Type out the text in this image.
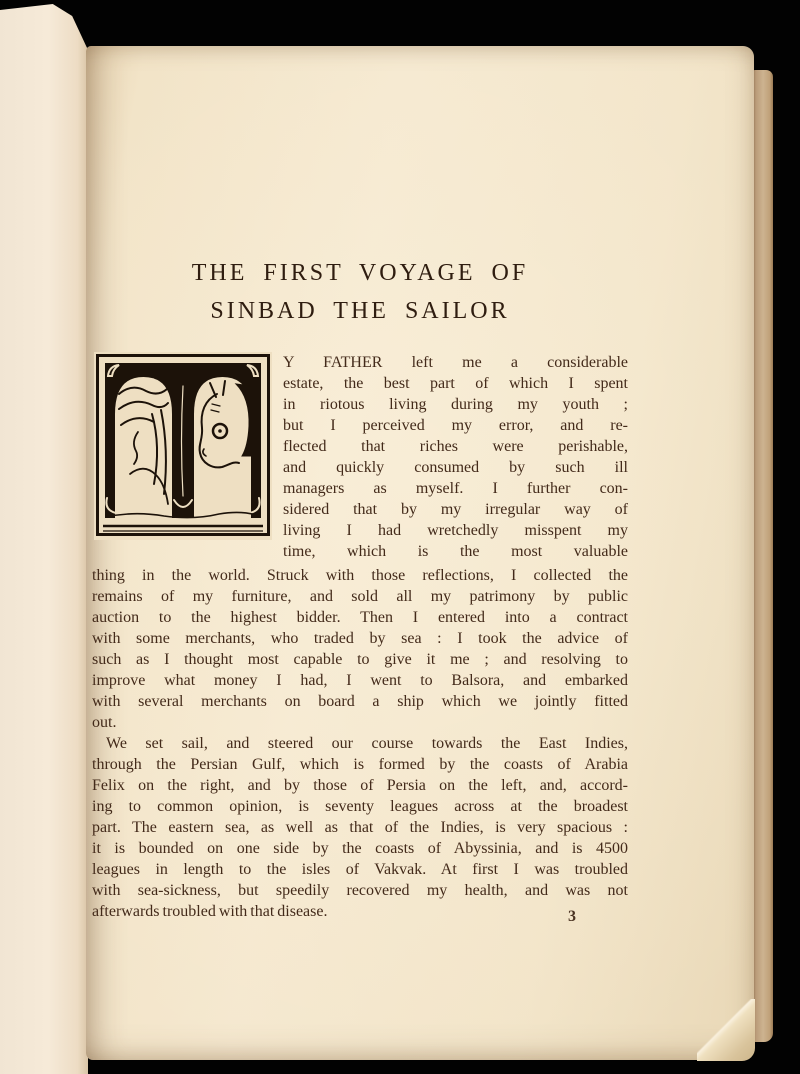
THE FIRST VOYAGE OF
SINBAD THE SAILOR
Y FATHER left me a considerable
estate, the best part of which I spent
in riotous living during my youth ;
but I perceived my error, and re-
flected that riches were perishable,
and quickly consumed by such ill
managers as myself. I further con-
sidered that by my irregular way of
living I had wretchedly misspent my
time, which is the most valuable
thing in the world. Struck with those reflections, I collected the
remains of my furniture, and sold all my patrimony by public
auction to the highest bidder. Then I entered into a contract
with some merchants, who traded by sea : I took the advice of
such as I thought most capable to give it me ; and resolving to
improve what money I had, I went to Balsora, and embarked
with several merchants on board a ship which we jointly fitted
out.
We set sail, and steered our course towards the East Indies,
through the Persian Gulf, which is formed by the coasts of Arabia
Felix on the right, and by those of Persia on the left, and, accord-
ing to common opinion, is seventy leagues across at the broadest
part. The eastern sea, as well as that of the Indies, is very spacious :
it is bounded on one side by the coasts of Abyssinia, and is 4500
leagues in length to the isles of Vakvak. At first I was troubled
with sea-sickness, but speedily recovered my health, and was not
afterwards troubled with that disease.	3
